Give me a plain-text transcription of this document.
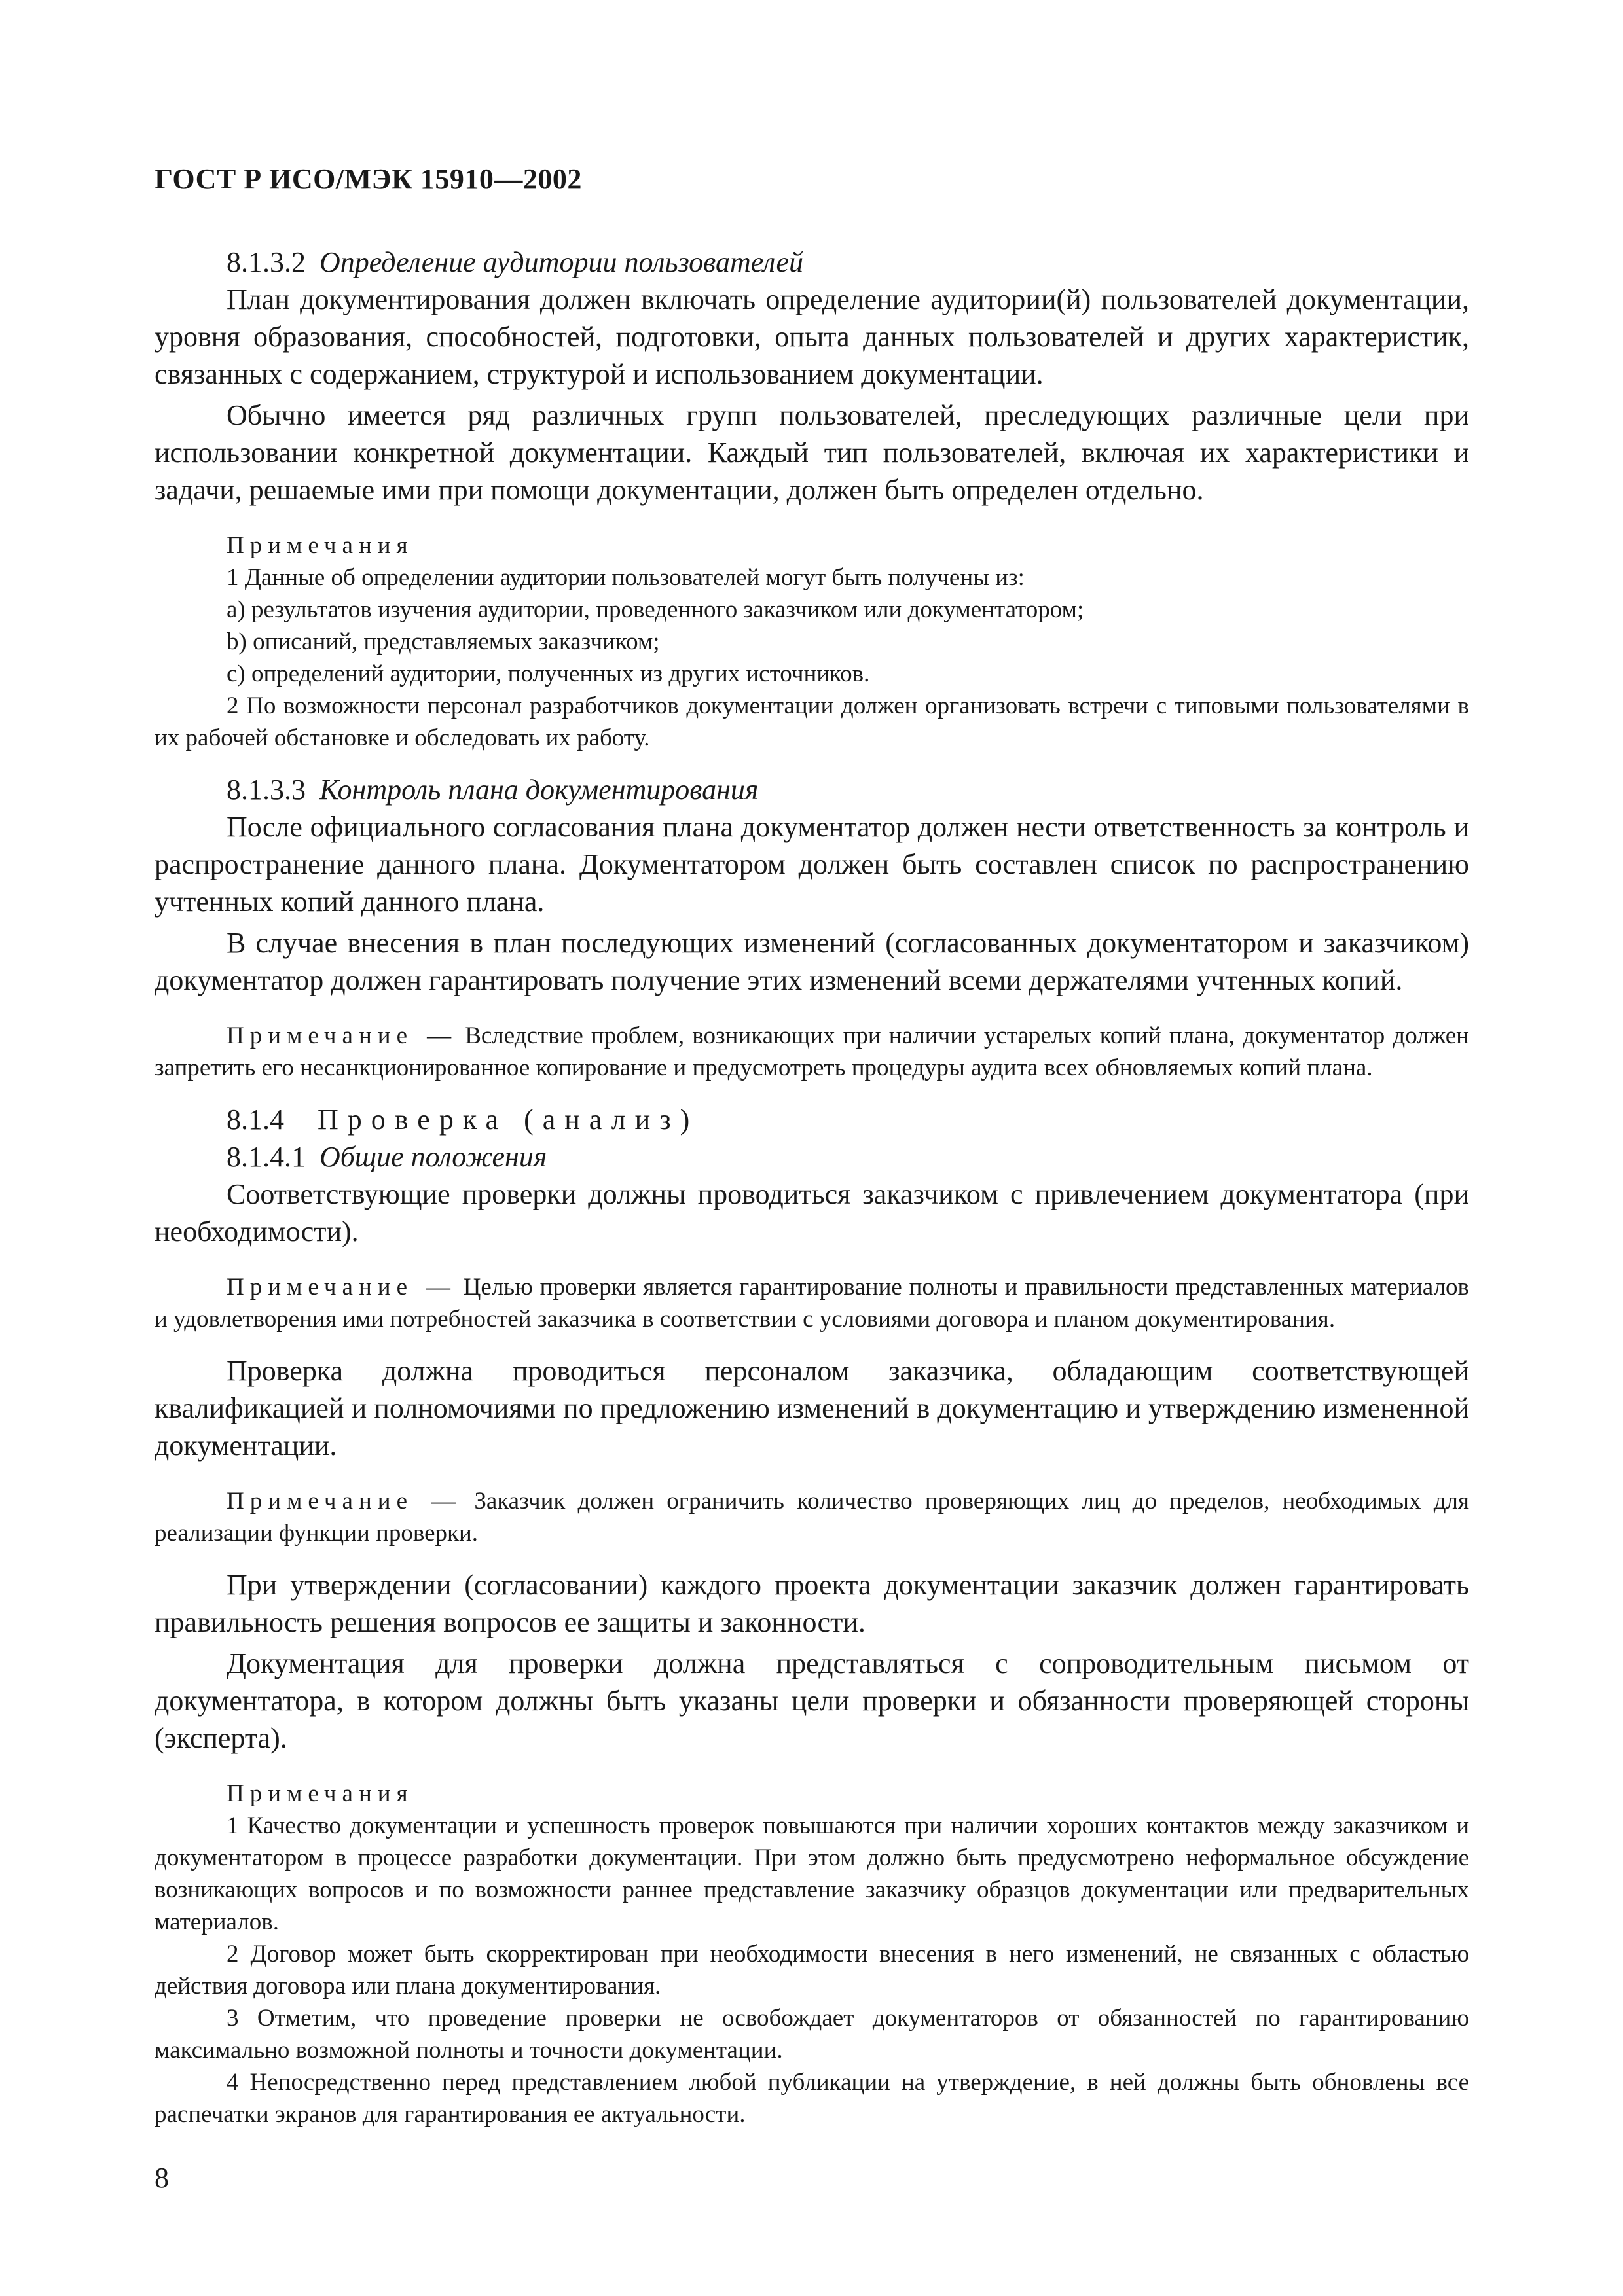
ГОСТ Р ИСО/МЭК 15910—2002
8.1.3.2 Определение аудитории пользователей

План документирования должен включать определение аудитории(й) пользователей документации, уровня образования, способностей, подготовки, опыта данных пользователей и других характеристик, связанных с содержанием, структурой и использованием документации.

Обычно имеется ряд различных групп пользователей, преследующих различные цели при использовании конкретной документации. Каждый тип пользователей, включая их характеристики и задачи, решаемые ими при помощи документации, должен быть определен отдельно.

Примечания

1 Данные об определении аудитории пользователей могут быть получены из:

a) результатов изучения аудитории, проведенного заказчиком или документатором;

b) описаний, представляемых заказчиком;

c) определений аудитории, полученных из других источников.

2 По возможности персонал разработчиков документации должен организовать встречи с типовыми пользователями в их рабочей обстановке и обследовать их работу.

8.1.3.3 Контроль плана документирования

После официального согласования плана документатор должен нести ответственность за контроль и распространение данного плана. Документатором должен быть составлен список по распространению учтенных копий данного плана.

В случае внесения в план последующих изменений (согласованных документатором и заказчиком) документатор должен гарантировать получение этих изменений всеми держателями учтенных копий.

Примечание — Вследствие проблем, возникающих при наличии устарелых копий плана, документатор должен запретить его несанкционированное копирование и предусмотреть процедуры аудита всех обновляемых копий плана.

8.1.4 Проверка (анализ)
8.1.4.1 Общие положения

Соответствующие проверки должны проводиться заказчиком с привлечением документатора (при необходимости).

Примечание — Целью проверки является гарантирование полноты и правильности представленных материалов и удовлетворения ими потребностей заказчика в соответствии с условиями договора и планом документирования.

Проверка должна проводиться персоналом заказчика, обладающим соответствующей квалификацией и полномочиями по предложению изменений в документацию и утверждению измененной документации.

Примечание — Заказчик должен ограничить количество проверяющих лиц до пределов, необходимых для реализации функции проверки.

При утверждении (согласовании) каждого проекта документации заказчик должен гарантировать правильность решения вопросов ее защиты и законности.

Документация для проверки должна представляться с сопроводительным письмом от документатора, в котором должны быть указаны цели проверки и обязанности проверяющей стороны (эксперта).

Примечания

1 Качество документации и успешность проверок повышаются при наличии хороших контактов между заказчиком и документатором в процессе разработки документации. При этом должно быть предусмотрено неформальное обсуждение возникающих вопросов и по возможности раннее представление заказчику образцов документации или предварительных материалов.

2 Договор может быть скорректирован при необходимости внесения в него изменений, не связанных с областью действия договора или плана документирования.

3 Отметим, что проведение проверки не освобождает документаторов от обязанностей по гарантированию максимально возможной полноты и точности документации.

4 Непосредственно перед представлением любой публикации на утверждение, в ней должны быть обновлены все распечатки экранов для гарантирования ее актуальности.

8
